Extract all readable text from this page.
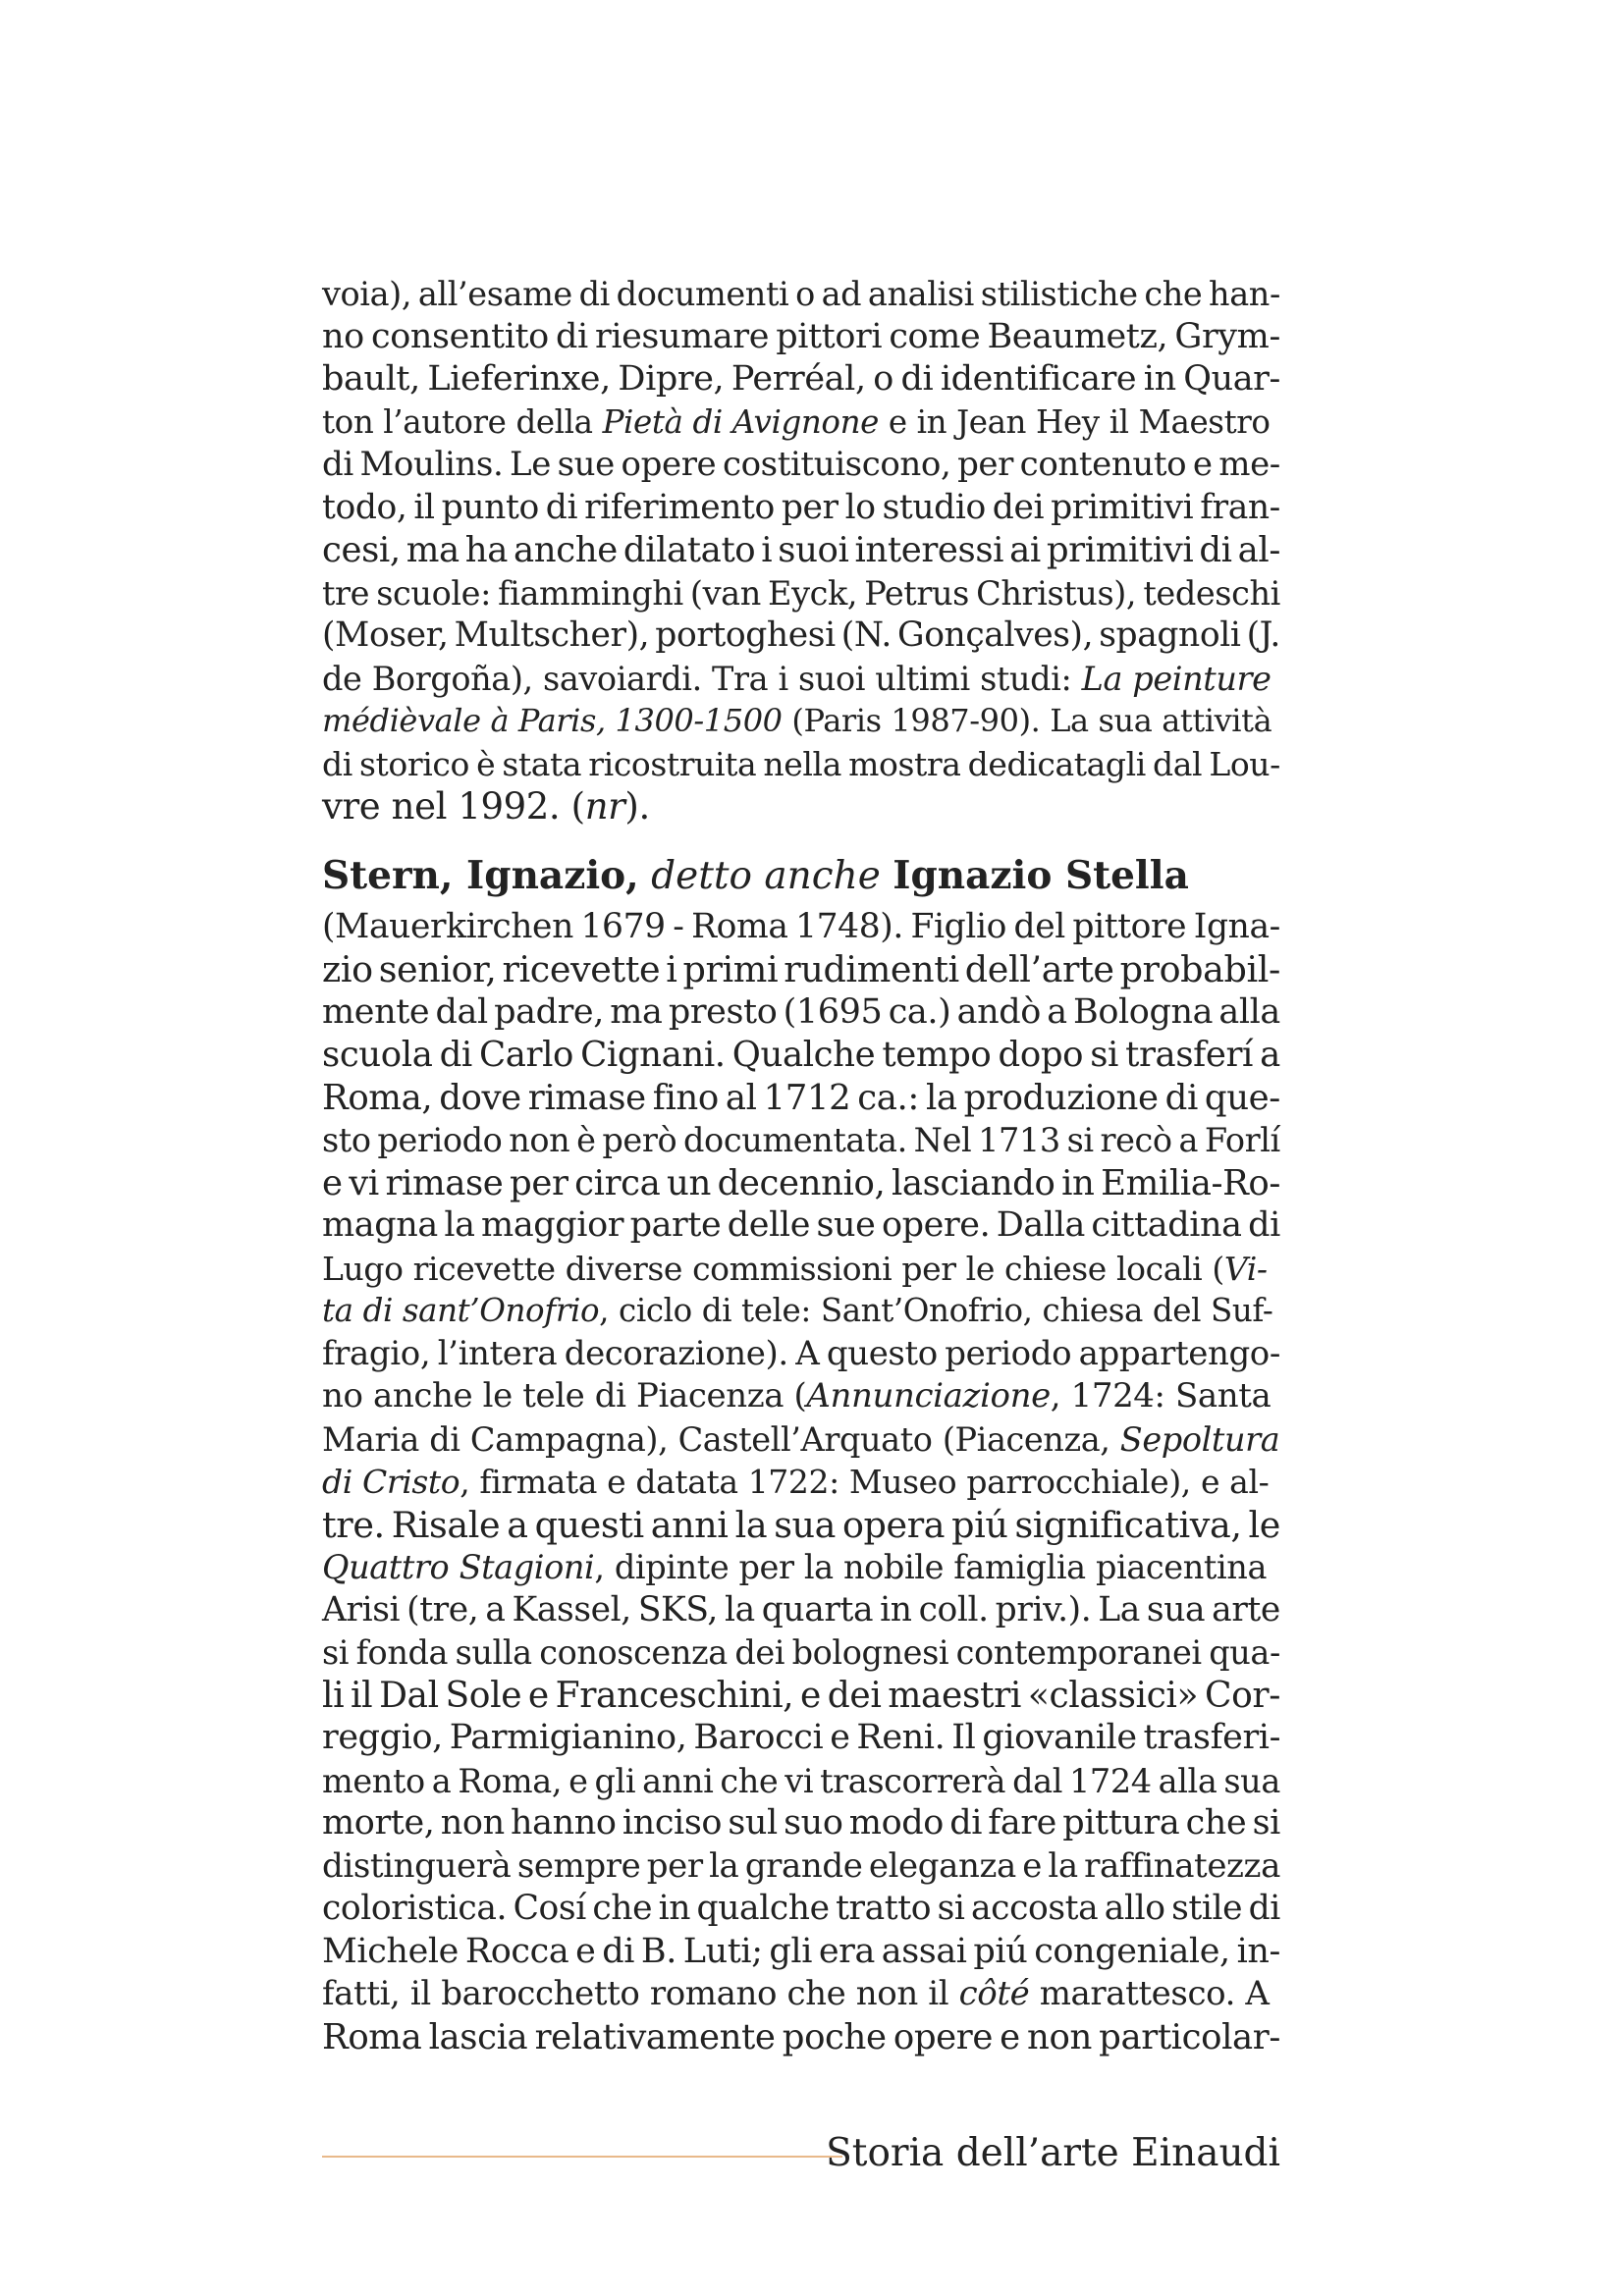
voia), all’esame di documenti o ad analisi stilistiche che han-
no consentito di riesumare pittori come Beaumetz, Grym-
bault, Lieferinxe, Dipre, Perréal, o di identificare in Quar-
ton l’autore della Pietà di Avignone e in Jean Hey il Maestro
di Moulins. Le sue opere costituiscono, per contenuto e me-
todo, il punto di riferimento per lo studio dei primitivi fran-
cesi, ma ha anche dilatato i suoi interessi ai primitivi di al-
tre scuole: fiamminghi (van Eyck, Petrus Christus), tedeschi
(Moser, Multscher), portoghesi (N. Gonçalves), spagnoli (J.
de Borgoña), savoiardi. Tra i suoi ultimi studi: La peinture
médièvale à Paris, 1300-1500 (Paris 1987-90). La sua attività
di storico è stata ricostruita nella mostra dedicatagli dal Lou-
vre nel 1992. (nr).
Stern, Ignazio, detto anche Ignazio Stella
(Mauerkirchen 1679 - Roma 1748). Figlio del pittore Igna-
zio senior, ricevette i primi rudimenti dell’arte probabil-
mente dal padre, ma presto (1695 ca.) andò a Bologna alla
scuola di Carlo Cignani. Qualche tempo dopo si trasferí a
Roma, dove rimase fino al 1712 ca.: la produzione di que-
sto periodo non è però documentata. Nel 1713 si recò a Forlí
e vi rimase per circa un decennio, lasciando in Emilia-Ro-
magna la maggior parte delle sue opere. Dalla cittadina di
Lugo ricevette diverse commissioni per le chiese locali (Vi-
ta di sant’Onofrio, ciclo di tele: Sant’Onofrio, chiesa del Suf-
fragio, l’intera decorazione). A questo periodo appartengo-
no anche le tele di Piacenza (Annunciazione, 1724: Santa
Maria di Campagna), Castell’Arquato (Piacenza, Sepoltura
di Cristo, firmata e datata 1722: Museo parrocchiale), e al-
tre. Risale a questi anni la sua opera piú significativa, le
Quattro Stagioni, dipinte per la nobile famiglia piacentina
Arisi (tre, a Kassel, SKS, la quarta in coll. priv.). La sua arte
si fonda sulla conoscenza dei bolognesi contemporanei qua-
li il Dal Sole e Franceschini, e dei maestri «classici» Cor-
reggio, Parmigianino, Barocci e Reni. Il giovanile trasferi-
mento a Roma, e gli anni che vi trascorrerà dal 1724 alla sua
morte, non hanno inciso sul suo modo di fare pittura che si
distinguerà sempre per la grande eleganza e la raffinatezza
coloristica. Cosí che in qualche tratto si accosta allo stile di
Michele Rocca e di B. Luti; gli era assai piú congeniale, in-
fatti, il barocchetto romano che non il côté marattesco. A
Roma lascia relativamente poche opere e non particolar-
Storia dell’arte Einaudi
